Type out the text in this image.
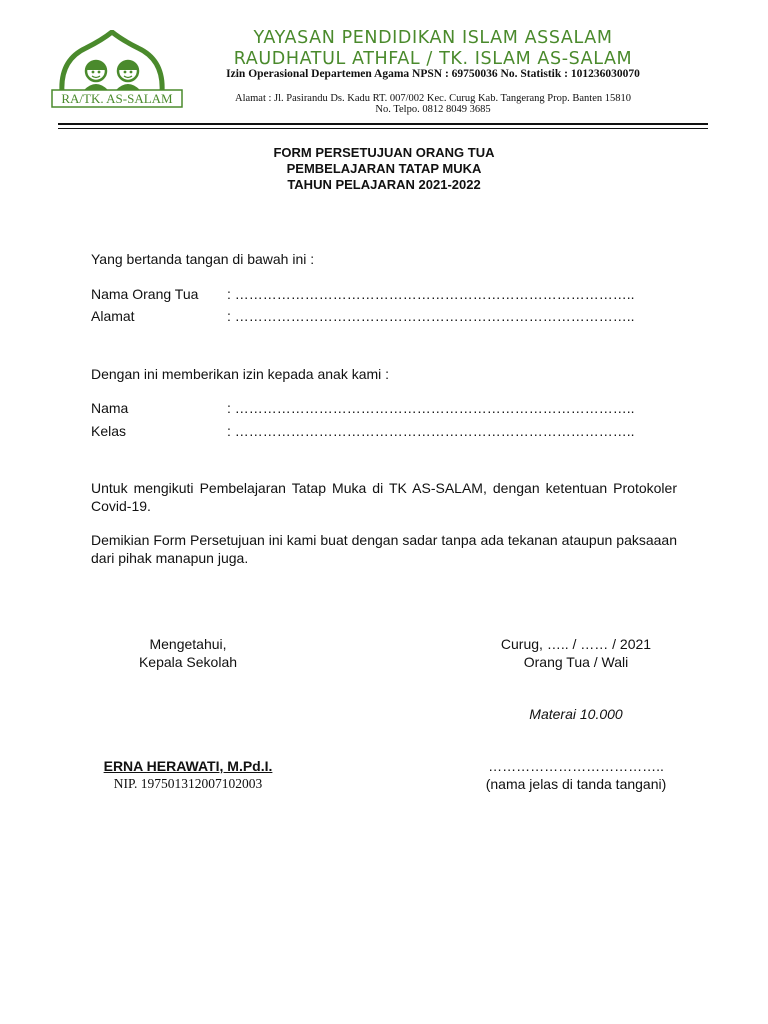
RA/TK. AS-SALAM
YAYASAN PENDIDIKAN ISLAM ASSALAM
RAUDHATUL ATHFAL / TK. ISLAM AS-SALAM
Izin Operasional Departemen Agama NPSN : 69750036 No. Statistik : 101236030070
Alamat : Jl. Pasirandu Ds. Kadu RT. 007/002 Kec. Curug Kab. Tangerang Prop. Banten 15810
No. Telpo. 0812 8049 3685
FORM PERSETUJUAN ORANG TUA
PEMBELAJARAN TATAP MUKA
TAHUN PELAJARAN 2021-2022
Yang bertanda tangan di bawah ini :
Nama Orang Tua : …………………………………………………………………………..
Alamat	: …………………………………………………………………………..
Dengan ini memberikan izin kepada anak kami :
Nama	: …………………………………………………………………………..
Kelas	: …………………………………………………………………………..
Untuk mengikuti Pembelajaran Tatap Muka di TK AS-SALAM, dengan ketentuan Protokoler Covid-19.
Demikian Form Persetujuan ini kami buat dengan sadar tanpa ada tekanan ataupun paksaaan dari pihak manapun juga.
Mengetahui,
Kepala Sekolah
ERNA HERAWATI, M.Pd.I.
NIP. 197501312007102003
Curug, ….. / …… / 2021
Orang Tua / Wali
Materai 10.000
………………………………..
(nama jelas di tanda tangani)
